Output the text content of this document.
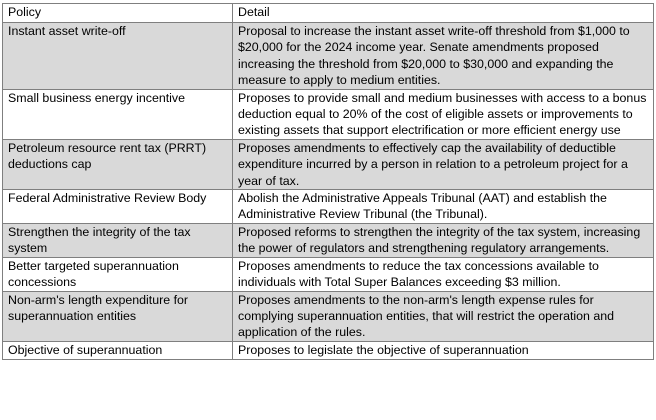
Policy	Detail
Instant asset write-off	Proposal to increase the instant asset write-off threshold from $1,000 to $20,000 for the 2024 income year. Senate amendments proposed increasing the threshold from $20,000 to $30,000 and expanding the measure to apply to medium entities.
Small business energy incentive	Proposes to provide small and medium businesses with access to a bonus deduction equal to 20% of the cost of eligible assets or improvements to existing assets that support electrification or more efficient energy use
Petroleum resource rent tax (PRRT) deductions cap	Proposes amendments to effectively cap the availability of deductible expenditure incurred by a person in relation to a petroleum project for a year of tax.
Federal Administrative Review Body	Abolish the Administrative Appeals Tribunal (AAT) and establish the Administrative Review Tribunal (the Tribunal).
Strengthen the integrity of the tax system	Proposed reforms to strengthen the integrity of the tax system, increasing the power of regulators and strengthening regulatory arrangements.
Better targeted superannuation concessions	Proposes amendments to reduce the tax concessions available to individuals with Total Super Balances exceeding $3 million.
Non-arm's length expenditure for superannuation entities	Proposes amendments to the non-arm's length expense rules for complying superannuation entities, that will restrict the operation and application of the rules.

Objective of superannuation	Proposes to legislate the objective of superannuation
